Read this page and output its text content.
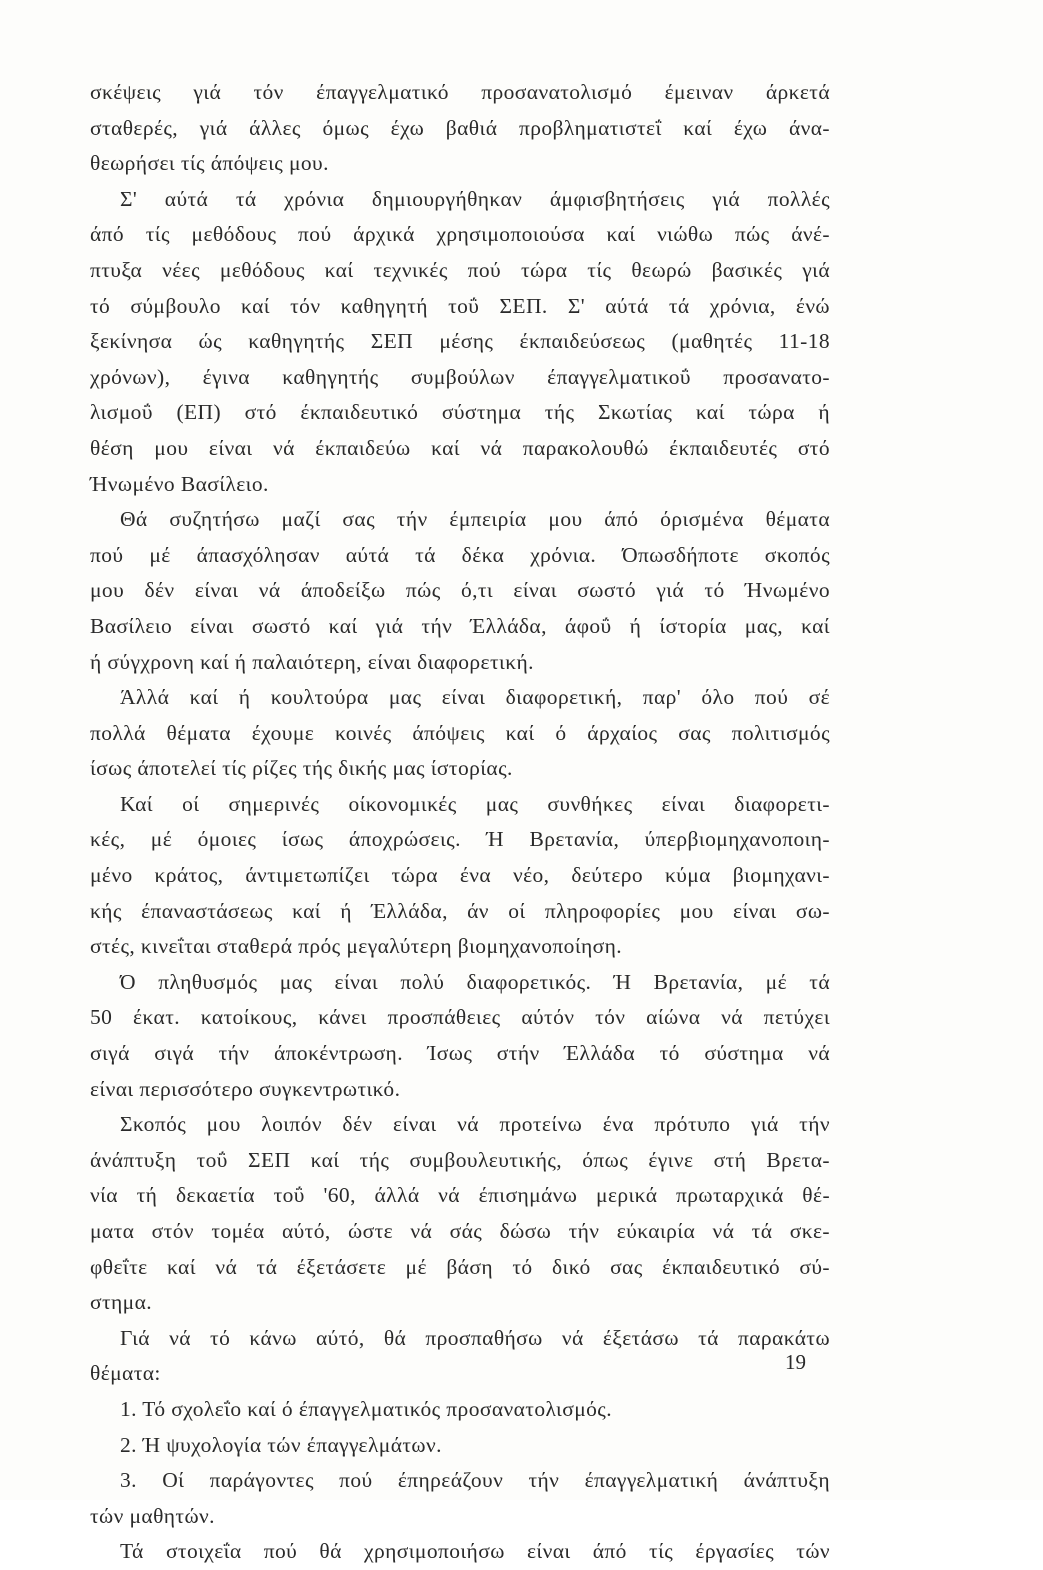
σκέψεις γιά τόν έπαγγελματικό προσανατολισμό έμειναν άρκετά
σταθερές, γιά άλλες όμως έχω βαθιά προβληματιστεΐ καί έχω άνα-
θεωρήσει τίς άπόψεις μου.
Σ' αύτά τά χρόνια δημιουργήθηκαν άμφισβητήσεις γιά πολλές
άπό τίς μεθόδους πού άρχικά χρησιμοποιούσα καί νιώθω πώς άνέ-
πτυξα νέες μεθόδους καί τεχνικές πού τώρα τίς θεωρώ βασικές γιά
τό σύμβουλο καί τόν καθηγητή τοΰ ΣΕΠ. Σ' αύτά τά χρόνια, ένώ
ξεκίνησα ώς καθηγητής ΣΕΠ μέσης έκπαιδεύσεως (μαθητές 11-18
χρόνων), έγινα καθηγητής συμβούλων έπαγγελματικοΰ προσανατο-
λισμοΰ (ΕΠ) στό έκπαιδευτικό σύστημα τής Σκωτίας καί τώρα ή
θέση μου είναι νά έκπαιδεύω καί νά παρακολουθώ έκπαιδευτές στό
Ήνωμένο Βασίλειο.
Θά συζητήσω μαζί σας τήν έμπειρία μου άπό όρισμένα θέματα
πού μέ άπασχόλησαν αύτά τά δέκα χρόνια. Όπωσδήποτε σκοπός
μου δέν είναι νά άποδείξω πώς ό,τι είναι σωστό γιά τό Ήνωμένο
Βασίλειο είναι σωστό καί γιά τήν Έλλάδα, άφοΰ ή ίστορία μας, καί
ή σύγχρονη καί ή παλαιότερη, είναι διαφορετική.
Άλλά καί ή κουλτούρα μας είναι διαφορετική, παρ' όλο πού σέ
πολλά θέματα έχουμε κοινές άπόψεις καί ό άρχαίος σας πολιτισμός
ίσως άποτελεί τίς ρίζες τής δικής μας ίστορίας.
Καί οί σημερινές οίκονομικές μας συνθήκες είναι διαφορετι-
κές, μέ όμοιες ίσως άποχρώσεις. Ή Βρετανία, ύπερβιομηχανοποιη-
μένο κράτος, άντιμετωπίζει τώρα ένα νέο, δεύτερο κύμα βιομηχανι-
κής έπαναστάσεως καί ή Έλλάδα, άν οί πληροφορίες μου είναι σω-
στές, κινεΐται σταθερά πρός μεγαλύτερη βιομηχανοποίηση.
Ό πληθυσμός μας είναι πολύ διαφορετικός. Ή Βρετανία, μέ τά
50 έκατ. κατοίκους, κάνει προσπάθειες αύτόν τόν αίώνα νά πετύχει
σιγά σιγά τήν άποκέντρωση. Ίσως στήν Έλλάδα τό σύστημα νά
είναι περισσότερο συγκεντρωτικό.
Σκοπός μου λοιπόν δέν είναι νά προτείνω ένα πρότυπο γιά τήν
άνάπτυξη τοΰ ΣΕΠ καί τής συμβουλευτικής, όπως έγινε στή Βρετα-
νία τή δεκαετία τοΰ '60, άλλά νά έπισημάνω μερικά πρωταρχικά θέ-
ματα στόν τομέα αύτό, ώστε νά σάς δώσω τήν εύκαιρία νά τά σκε-
φθεΐτε καί νά τά έξετάσετε μέ βάση τό δικό σας έκπαιδευτικό σύ-
στημα.
Γιά νά τό κάνω αύτό, θά προσπαθήσω νά έξετάσω τά παρακάτω
θέματα:
1. Τό σχολεΐο καί ό έπαγγελματικός προσανατολισμός.
2. Ή ψυχολογία τών έπαγγελμάτων.
3. Οί παράγοντες πού έπηρεάζουν τήν έπαγγελματική άνάπτυξη
τών μαθητών.
Τά στοιχεΐα πού θά χρησιμοποιήσω είναι άπό τίς έργασίες τών
19
